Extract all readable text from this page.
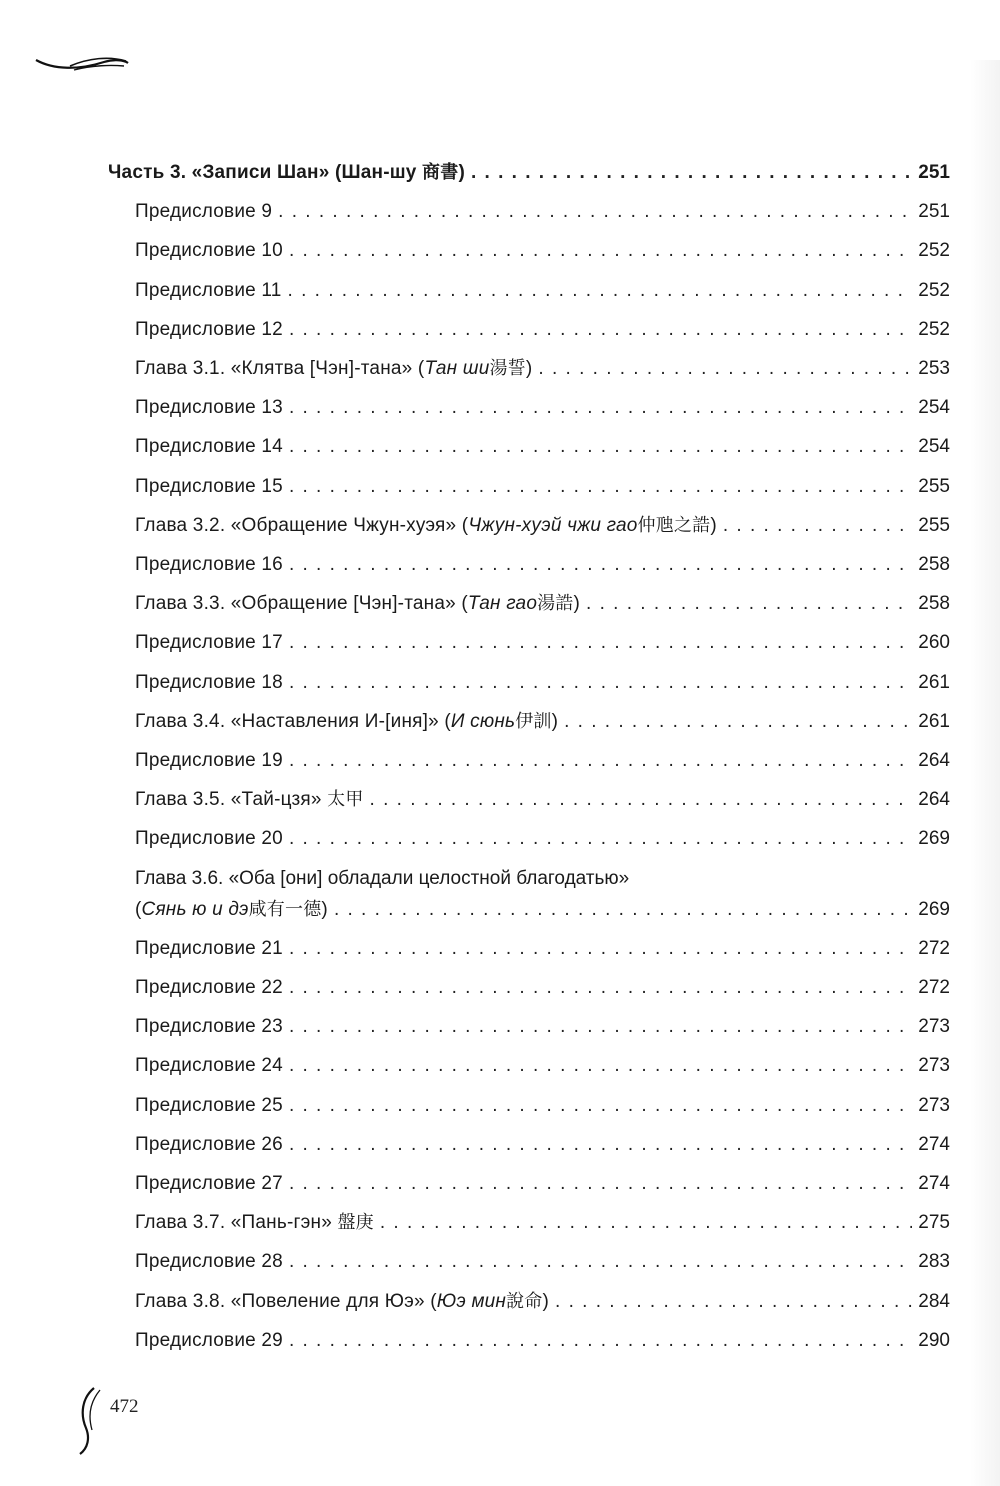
Часть 3. «Записи Шан» (Шан-шу 商書) . . .	251
Предисловие 9 . . .	251
Предисловие 10 . . .	252
Предисловие 11 . . .	252
Предисловие 12 . . .	252
Глава 3.1. «Клятва [Чэн]-тана» (Тан ши湯誓) . . .	253
Предисловие 13 . . .	254
Предисловие 14 . . .	254
Предисловие 15 . . .	255
Глава 3.2. «Обращение Чжун-хуэя» (Чжун-хуэй чжи гао仲虺之誥) . . .	255
Предисловие 16 . . .	258
Глава 3.3. «Обращение [Чэн]-тана» (Тан гао湯誥) . . .	258
Предисловие 17 . . .	260
Предисловие 18 . . .	261
Глава 3.4. «Наставления И-[иня]» (И сюнь伊訓) . . .	261
Предисловие 19 . . .	264
Глава 3.5. «Тай-цзя» 太甲 . . .	264
Предисловие 20 . . .	269
Глава 3.6. «Оба [они] обладали целостной благодатью»
(Сянь ю и дэ咸有一德) . . .	269
Предисловие 21 . . .	272
Предисловие 22 . . .	272
Предисловие 23 . . .	273
Предисловие 24 . . .	273
Предисловие 25 . . .	273
Предисловие 26 . . .	274
Предисловие 27 . . .	274
Глава 3.7. «Пань-гэн» 盤庚 . . .	275
Предисловие 28 . . .	283
Глава 3.8. «Повеление для Юэ» (Юэ мин說命) . . .	284
Предисловие 29 . . .	290
472
